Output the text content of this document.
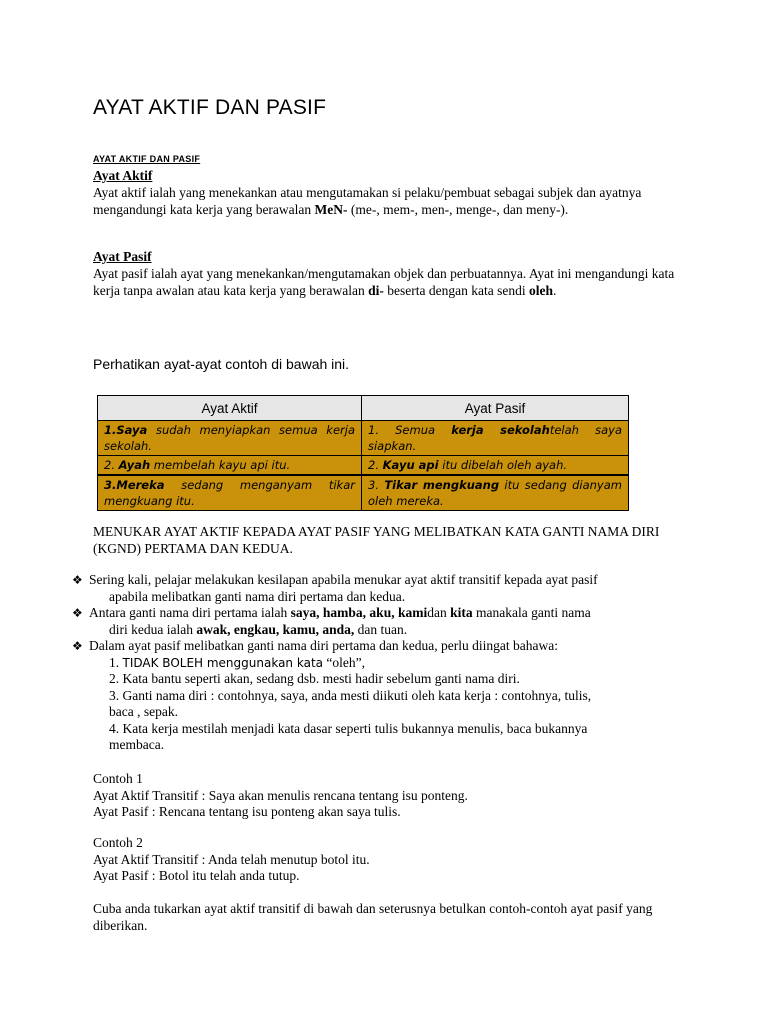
AYAT AKTIF DAN PASIF
AYAT AKTIF DAN PASIF
Ayat Aktif
Ayat aktif ialah yang menekankan atau mengutamakan si pelaku/pembuat sebagai subjek dan ayatnya mengandungi kata kerja yang berawalan MeN- (me-, mem-, men-, menge-, dan meny-).
Ayat Pasif
Ayat pasif ialah ayat yang menekankan/mengutamakan objek dan perbuatannya. Ayat ini mengandungi kata kerja tanpa awalan atau kata kerja yang berawalan di- beserta dengan kata sendi oleh.
Perhatikan ayat-ayat contoh di bawah ini.
Ayat Aktif	Ayat Pasif
1.Saya sudah menyiapkan semua kerja sekolah.	1. Semua kerja sekolahtelah saya siapkan.
2. Ayah membelah kayu api itu.	2. Kayu api itu dibelah oleh ayah.
3.Mereka sedang menganyam tikar mengkuang itu.	3. Tikar mengkuang itu sedang dianyam oleh mereka.
MENUKAR AYAT AKTIF KEPADA AYAT PASIF YANG MELIBATKAN KATA GANTI NAMA DIRI (KGND) PERTAMA DAN KEDUA.
❖ Sering kali, pelajar melakukan kesilapan apabila menukar ayat aktif transitif kepada ayat pasif
apabila melibatkan ganti nama diri pertama dan kedua.
❖ Antara ganti nama diri pertama ialah saya, hamba, aku, kamidan kita manakala ganti nama
diri kedua ialah awak, engkau, kamu, anda, dan tuan.
❖ Dalam ayat pasif melibatkan ganti nama diri pertama dan kedua, perlu diingat bahawa:
1. TIDAK BOLEH menggunakan kata “oleh”,
2. Kata bantu seperti akan, sedang dsb. mesti hadir sebelum ganti nama diri.
3. Ganti nama diri : contohnya, saya, anda mesti diikuti oleh kata kerja : contohnya, tulis,
baca , sepak.
4. Kata kerja mestilah menjadi kata dasar seperti tulis bukannya menulis, baca bukannya
membaca.
Contoh 1
Ayat Aktif Transitif : Saya akan menulis rencana tentang isu ponteng.
Ayat Pasif : Rencana tentang isu ponteng akan saya tulis.
Contoh 2
Ayat Aktif Transitif : Anda telah menutup botol itu.
Ayat Pasif : Botol itu telah anda tutup.
Cuba anda tukarkan ayat aktif transitif di bawah dan seterusnya betulkan contoh-contoh ayat pasif yang diberikan.
